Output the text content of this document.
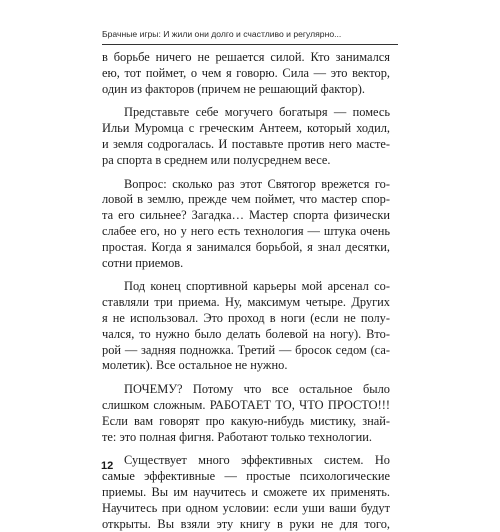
Брачные игры: И жили они долго и счастливо и регулярно...
в борьбе ничего не решается силой. Кто занимался
ею, тот поймет, о чем я говорю. Сила — это вектор,
один из факторов (причем не решающий фактор).
Представьте себе могучего богатыря — помесь
Ильи Муромца с греческим Антеем, который ходил,
и земля содрогалась. И поставьте против него масте-
ра спорта в среднем или полусреднем весе.
Вопрос: сколько раз этот Святогор врежется го-
ловой в землю, прежде чем поймет, что мастер спор-
та его сильнее? Загадка… Мастер спорта физически
слабее его, но у него есть технология — штука очень
простая. Когда я занимался борьбой, я знал десятки,
сотни приемов.
Под конец спортивной карьеры мой арсенал со-
ставляли три приема. Ну, максимум четыре. Других
я не использовал. Это проход в ноги (если не полу-
чался, то нужно было делать болевой на ногу). Вто-
рой — задняя подножка. Третий — бросок седом (са-
молетик). Все остальное не нужно.
ПОЧЕМУ? Потому что все остальное было
слишком сложным. РАБОТАЕТ ТО, ЧТО ПРОСТО!!!
Если вам говорят про какую-нибудь мистику, знай-
те: это полная фигня. Работают только технологии.
Существует много эффективных систем. Но
самые эффективные — простые психологические
приемы. Вы им научитесь и сможете их применять.
Научитесь при одном условии: если уши ваши будут
открыты. Вы взяли эту книгу в руки не для того,
12
